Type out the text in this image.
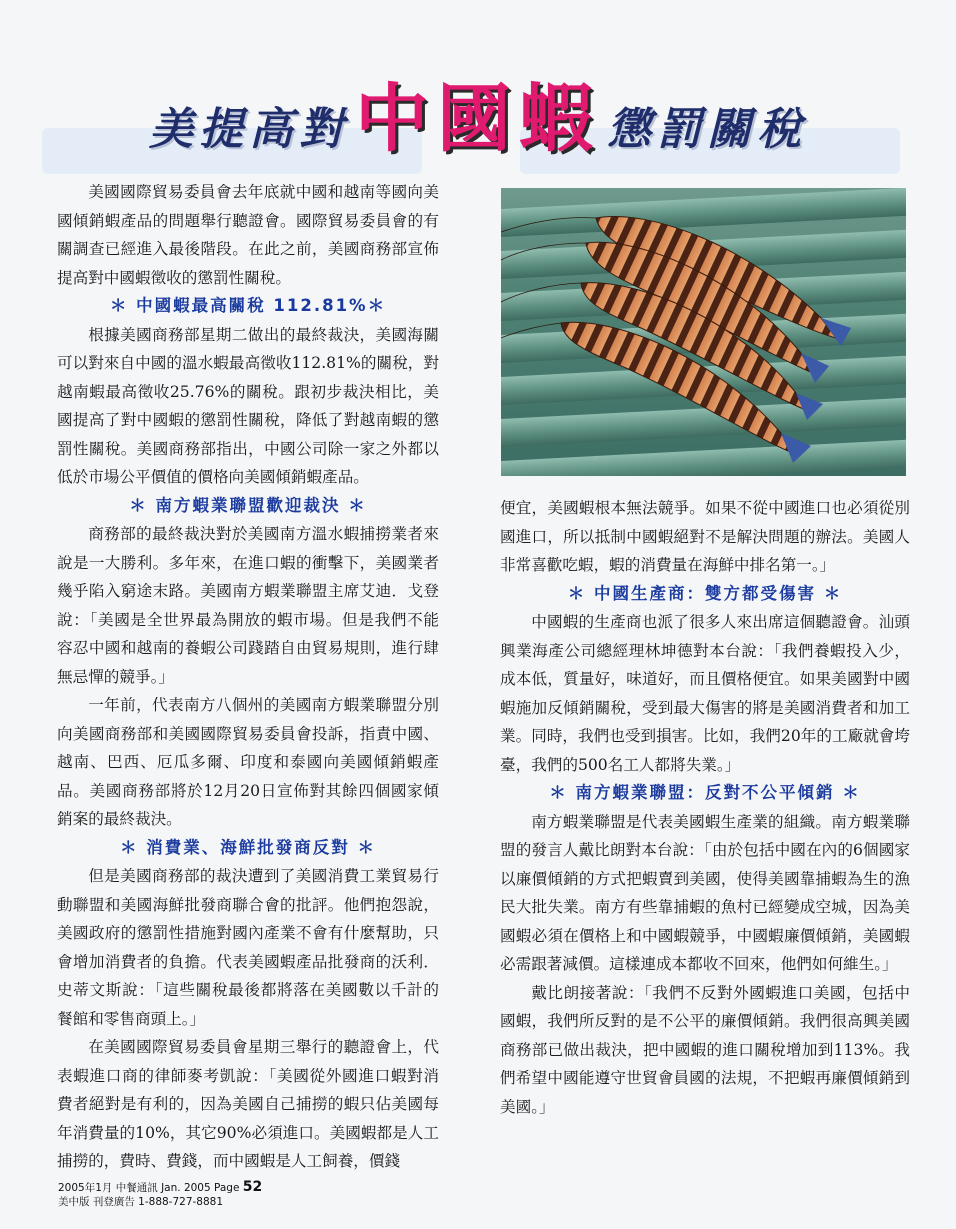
美提高對中國蝦 懲罰關稅

美國國際貿易委員會去年底就中國和越南等國向美國傾銷蝦產品的問題舉行聽證會。國際貿易委員會的有關調查已經進入最後階段。在此之前，美國商務部宣佈提高對中國蝦徵收的懲罰性關稅。

＊ 中國蝦最高關稅 112.81%＊

根據美國商務部星期二做出的最終裁決，美國海關可以對來自中國的溫水蝦最高徵收112.81%的關稅，對越南蝦最高徵收25.76%的關稅。跟初步裁決相比，美國提高了對中國蝦的懲罰性關稅，降低了對越南蝦的懲罰性關稅。美國商務部指出，中國公司除一家之外都以低於市場公平價值的價格向美國傾銷蝦產品。

＊ 南方蝦業聯盟歡迎裁決 ＊

商務部的最終裁決對於美國南方溫水蝦捕撈業者來說是一大勝利。多年來，在進口蝦的衝擊下，美國業者幾乎陷入窮途末路。美國南方蝦業聯盟主席艾迪．戈登說：「美國是全世界最為開放的蝦市場。但是我們不能容忍中國和越南的養蝦公司踐踏自由貿易規則，進行肆無忌憚的競爭。」

一年前，代表南方八個州的美國南方蝦業聯盟分別向美國商務部和美國國際貿易委員會投訴，指責中國、越南、巴西、厄瓜多爾、印度和泰國向美國傾銷蝦產品。美國商務部將於12月20日宣佈對其餘四個國家傾銷案的最終裁決。

＊ 消費業、海鮮批發商反對 ＊

但是美國商務部的裁決遭到了美國消費工業貿易行動聯盟和美國海鮮批發商聯合會的批評。他們抱怨說，美國政府的懲罰性措施對國內產業不會有什麼幫助，只會增加消費者的負擔。代表美國蝦產品批發商的沃利．史蒂文斯說：「這些關稅最後都將落在美國數以千計的餐館和零售商頭上。」

在美國國際貿易委員會星期三舉行的聽證會上，代表蝦進口商的律師麥考凱說：「美國從外國進口蝦對消費者絕對是有利的，因為美國自己捕撈的蝦只佔美國每年消費量的10%，其它90%必須進口。美國蝦都是人工捕撈的，費時、費錢，而中國蝦是人工飼養，價錢

便宜，美國蝦根本無法競爭。如果不從中國進口也必須從別國進口，所以抵制中國蝦絕對不是解決問題的辦法。美國人非常喜歡吃蝦，蝦的消費量在海鮮中排名第一。」

＊ 中國生產商：雙方都受傷害 ＊

中國蝦的生產商也派了很多人來出席這個聽證會。汕頭興業海產公司總經理林坤德對本台說：「我們養蝦投入少，成本低，質量好，味道好，而且價格便宜。如果美國對中國蝦施加反傾銷關稅，受到最大傷害的將是美國消費者和加工業。同時，我們也受到損害。比如，我們20年的工廠就會垮臺，我們的500名工人都將失業。」

＊ 南方蝦業聯盟：反對不公平傾銷 ＊

南方蝦業聯盟是代表美國蝦生產業的組織。南方蝦業聯盟的發言人戴比朗對本台說：「由於包括中國在內的6個國家以廉價傾銷的方式把蝦賣到美國，使得美國靠捕蝦為生的漁民大批失業。南方有些靠捕蝦的魚村已經變成空城，因為美國蝦必須在價格上和中國蝦競爭，中國蝦廉價傾銷，美國蝦必需跟著減價。這樣連成本都收不回來，他們如何維生。」

戴比朗接著說：「我們不反對外國蝦進口美國，包括中國蝦，我們所反對的是不公平的廉價傾銷。我們很高興美國商務部已做出裁決，把中國蝦的進口關稅增加到113%。我們希望中國能遵守世貿會員國的法規，不把蝦再廉價傾銷到美國。」

2005年1月 中餐通訊 Jan. 2005 Page 52
美中版 刊登廣告 1-888-727-8881
